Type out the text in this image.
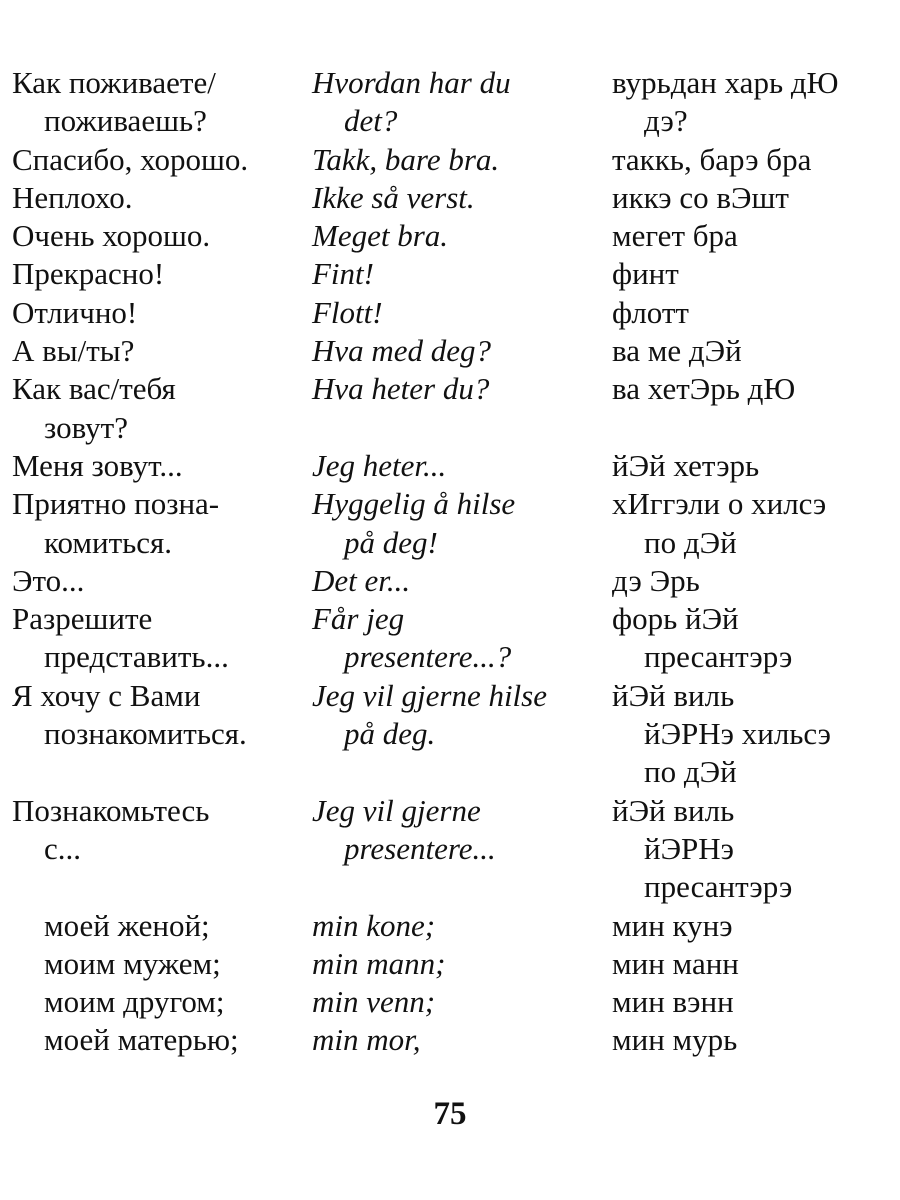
Как поживаете/
поживаешь?
Спасибо, хорошо.
Неплохо.
Очень хорошо.
Прекрасно!
Отлично!
А вы/ты?
Как вас/тебя
зовут?
Меня зовут...
Приятно позна-
комиться.
Это...
Разрешите
представить...
Я хочу с Вами
познакомиться.
Познакомьтесь
с...
моей женой;
моим мужем;
моим другом;
моей матерью;
Hvordan har du
det?
Takk, bare bra.
Ikke så verst.
Meget bra.
Fint!
Flott!
Hva med deg?
Hva heter du?
Jeg heter...
Hyggelig å hilse
på deg!
Det er...
Får jeg
presentere...?
Jeg vil gjerne hilse
på deg.
Jeg vil gjerne
presentere...
min kone;
min mann;
min venn;
min mor,
вурьдан харь дЮ
дэ?
таккь, барэ бра
иккэ со вЭшт
мегет бра
финт
флотт
ва ме дЭй
ва хетЭрь дЮ
йЭй хетэрь
хИггэли о хилсэ
по дЭй
дэ Эрь
форь йЭй
пресантэрэ
йЭй виль
йЭРНэ хильсэ
по дЭй
йЭй виль
йЭРНэ
пресантэрэ
мин кунэ
мин манн
мин вэнн
мин мурь
75
